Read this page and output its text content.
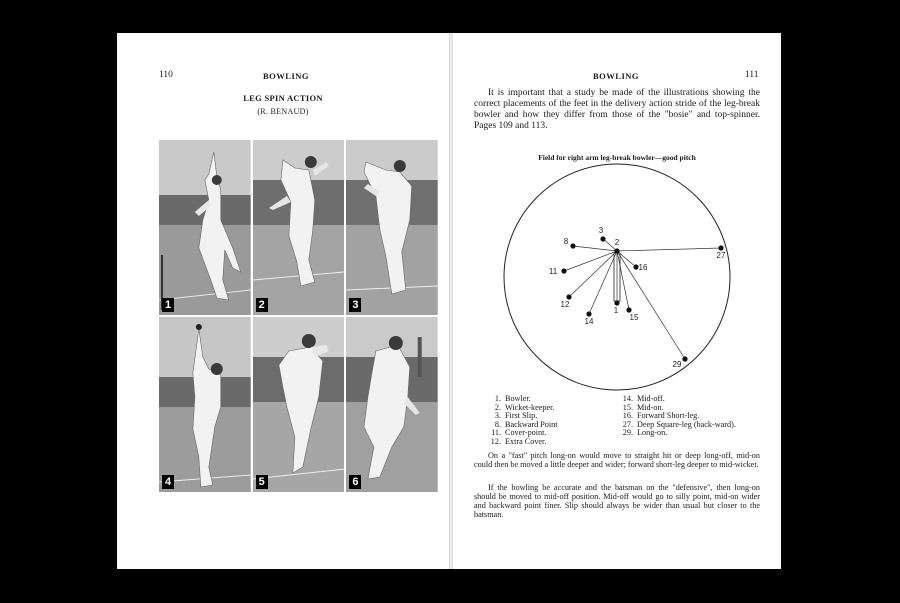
110	BOWLING
LEG SPIN ACTION
(R. BENAUD)
1	2	3
4	5	6
BOWLING	111

It is important that a study be made of the illustrations showing the correct placements of the feet in the delivery action stride of the leg-break bowler and how they differ from those of the "bosie" and top-spinner. Pages 109 and 113.

Field for right arm leg-break bowler—good pitch
1
2
3
8
11
12
14	15
16
27
29
1. Bowler.
2. Wicket-keeper.
3. First Slip.
8. Backward Point
11. Cover-point.
12. Extra Cover.
14. Mid-off.
15. Mid-on.
16. Forward Short-leg.
27. Deep Square-leg (back-ward).
29. Long-on.

On a "fast" pitch long-on would move to straight hit or deep long-off, mid-on could then be moved a little deeper and wider; forward short-leg deeper to mid-wicket.

If the bowling be accurate and the batsman on the "defensive", then long-on should be moved to mid-off position. Mid-off would go to silly point, mid-on wider and backward point finer. Slip should always be wider than usual but closer to the batsman.
